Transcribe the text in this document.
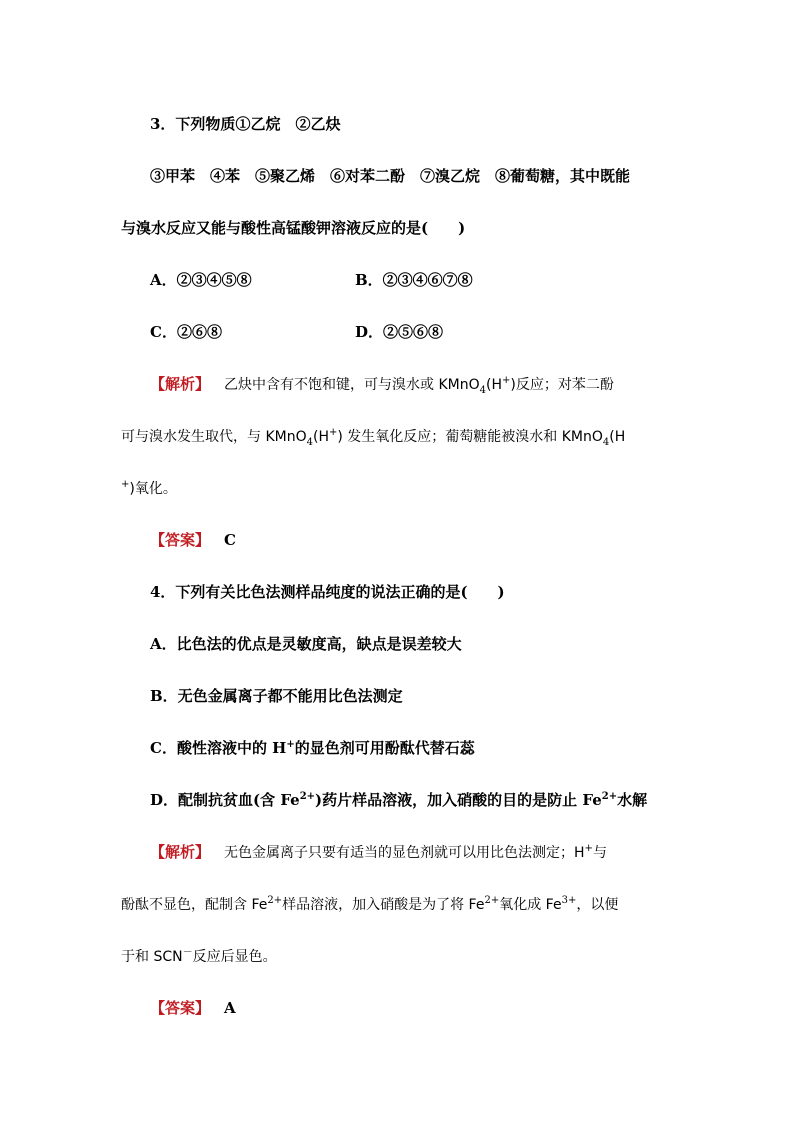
3．下列物质①乙烷　②乙炔
③甲苯　④苯　⑤聚乙烯　⑥对苯二酚　⑦溴乙烷　⑧葡萄糖，其中既能
与溴水反应又能与酸性高锰酸钾溶液反应的是(　　)
A．②③④⑤⑧	B．②③④⑥⑦⑧
C．②⑥⑧	D．②⑤⑥⑧
【解析】 乙炔中含有不饱和键，可与溴水或 KMnO$_4$(H+)反应；对苯二酚
可与溴水发生取代，与 KMnO$_4$(H+) 发生氧化反应；葡萄糖能被溴水和 KMnO$_4$(H
+)氧化。
【答案】 C
4．下列有关比色法测样品纯度的说法正确的是(　　)
A．比色法的优点是灵敏度高，缺点是误差较大
B．无色金属离子都不能用比色法测定
C．酸性溶液中的 H+的显色剂可用酚酞代替石蕊
D．配制抗贫血(含 $Fe^{2+}$)药片样品溶液，加入硝酸的目的是防止 $Fe^{2+}$水解
【解析】 无色金属离子只要有适当的显色剂就可以用比色法测定；H+与
酚酞不显色，配制含 $Fe^{2+}$样品溶液，加入硝酸是为了将 $Fe^{2+}$氧化成 $Fe^{3+}$，以便
于和 SCN－反应后显色。
【答案】 A
